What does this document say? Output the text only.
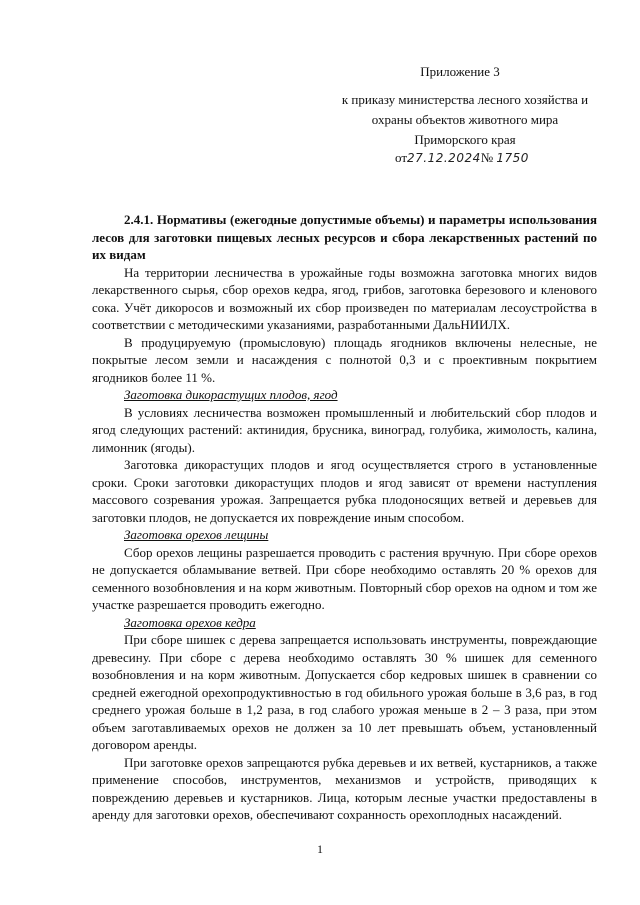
Приложение 3
к приказу министерства лесного хозяйства и
охраны объектов животного мира
Приморского края
от27.12.2024№ 1750

2.4.1. Нормативы (ежегодные допустимые объемы) и параметры использования лесов для заготовки пищевых лесных ресурсов и сбора лекарственных растений по их видам

На территории лесничества в урожайные годы возможна заготовка многих видов лекарственного сырья, сбор орехов кедра, ягод, грибов, заготовка березового и кленового сока. Учёт дикоросов и возможный их сбор произведен по материалам лесоустройства в соответствии с методическими указаниями, разработанными ДальНИИЛХ.

В продуцируемую (промысловую) площадь ягодников включены нелесные, не покрытые лесом земли и насаждения с полнотой 0,3 и с проективным покрытием ягодников более 11 %.

Заготовка дикорастущих плодов, ягод

В условиях лесничества возможен промышленный и любительский сбор плодов и ягод следующих растений: актинидия, брусника, виноград, голубика, жимолость, калина, лимонник (ягоды).

Заготовка дикорастущих плодов и ягод осуществляется строго в установленные сроки. Сроки заготовки дикорастущих плодов и ягод зависят от времени наступления массового созревания урожая. Запрещается рубка плодоносящих ветвей и деревьев для заготовки плодов, не допускается их повреждение иным способом.

Заготовка орехов лещины

Сбор орехов лещины разрешается проводить с растения вручную. При сборе орехов не допускается обламывание ветвей. При сборе необходимо оставлять 20 % орехов для семенного возобновления и на корм животным. Повторный сбор орехов на одном и том же участке разрешается проводить ежегодно.

Заготовка орехов кедра

При сборе шишек с дерева запрещается использовать инструменты, повреждающие древесину. При сборе с дерева необходимо оставлять 30 % шишек для семенного возобновления и на корм животным. Допускается сбор кедровых шишек в сравнении со средней ежегодной орехопродуктивностью в год обильного урожая больше в 3,6 раз, в год среднего урожая больше в 1,2 раза, в год слабого урожая меньше в 2 – 3 раза, при этом объем заготавливаемых орехов не должен за 10 лет превышать объем, установленный договором аренды.

При заготовке орехов запрещаются рубка деревьев и их ветвей, кустарников, а также применение способов, инструментов, механизмов и устройств, приводящих к повреждению деревьев и кустарников. Лица, которым лесные участки предоставлены в аренду для заготовки орехов, обеспечивают сохранность орехоплодных насаждений.

1
